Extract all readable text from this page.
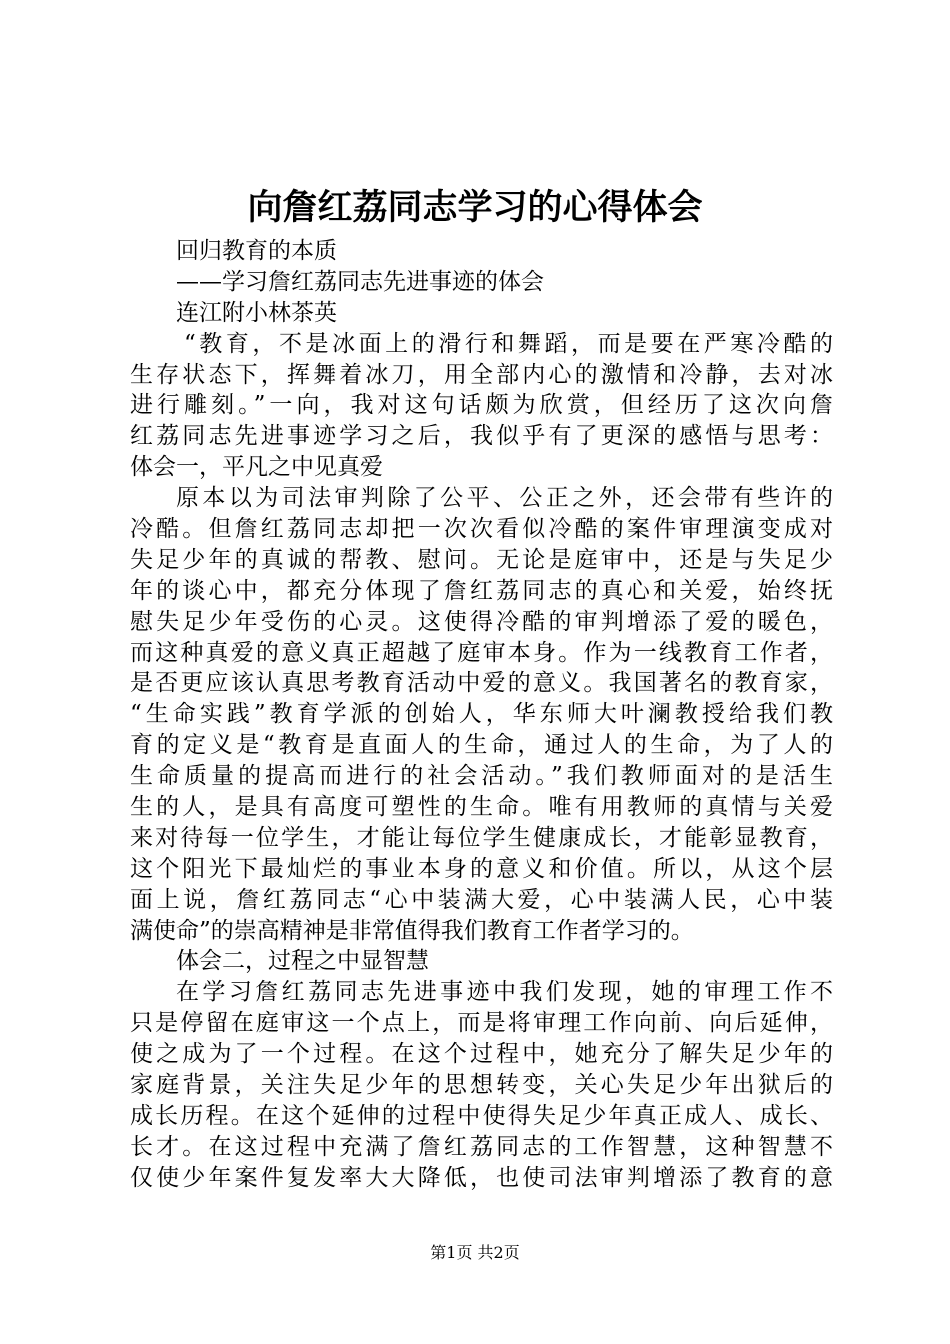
向詹红荔同志学习的心得体会
回归教育的本质
——学习詹红荔同志先进事迹的体会
连江附小林茶英
“教育，不是冰面上的滑行和舞蹈，而是要在严寒冷酷的
生存状态下，挥舞着冰刀，用全部内心的激情和冷静，去对冰
进行雕刻。”一向，我对这句话颇为欣赏，但经历了这次向詹
红荔同志先进事迹学习之后，我似乎有了更深的感悟与思考：
体会一，平凡之中见真爱
原本以为司法审判除了公平、公正之外，还会带有些许的
冷酷。但詹红荔同志却把一次次看似冷酷的案件审理演变成对
失足少年的真诚的帮教、慰问。无论是庭审中，还是与失足少
年的谈心中，都充分体现了詹红荔同志的真心和关爱，始终抚
慰失足少年受伤的心灵。这使得冷酷的审判增添了爱的暖色，
而这种真爱的意义真正超越了庭审本身。作为一线教育工作者，
是否更应该认真思考教育活动中爱的意义。我国著名的教育家，
“生命实践”教育学派的创始人，华东师大叶澜教授给我们教
育的定义是“教育是直面人的生命，通过人的生命，为了人的
生命质量的提高而进行的社会活动。”我们教师面对的是活生
生的人，是具有高度可塑性的生命。唯有用教师的真情与关爱
来对待每一位学生，才能让每位学生健康成长，才能彰显教育，
这个阳光下最灿烂的事业本身的意义和价值。所以，从这个层
面上说，詹红荔同志“心中装满大爱，心中装满人民，心中装
满使命”的崇高精神是非常值得我们教育工作者学习的。
体会二，过程之中显智慧
在学习詹红荔同志先进事迹中我们发现，她的审理工作不
只是停留在庭审这一个点上，而是将审理工作向前、向后延伸，
使之成为了一个过程。在这个过程中，她充分了解失足少年的
家庭背景，关注失足少年的思想转变，关心失足少年出狱后的
成长历程。在这个延伸的过程中使得失足少年真正成人、成长、
长才。在这过程中充满了詹红荔同志的工作智慧，这种智慧不
仅使少年案件复发率大大降低，也使司法审判增添了教育的意
第1页 共2页
